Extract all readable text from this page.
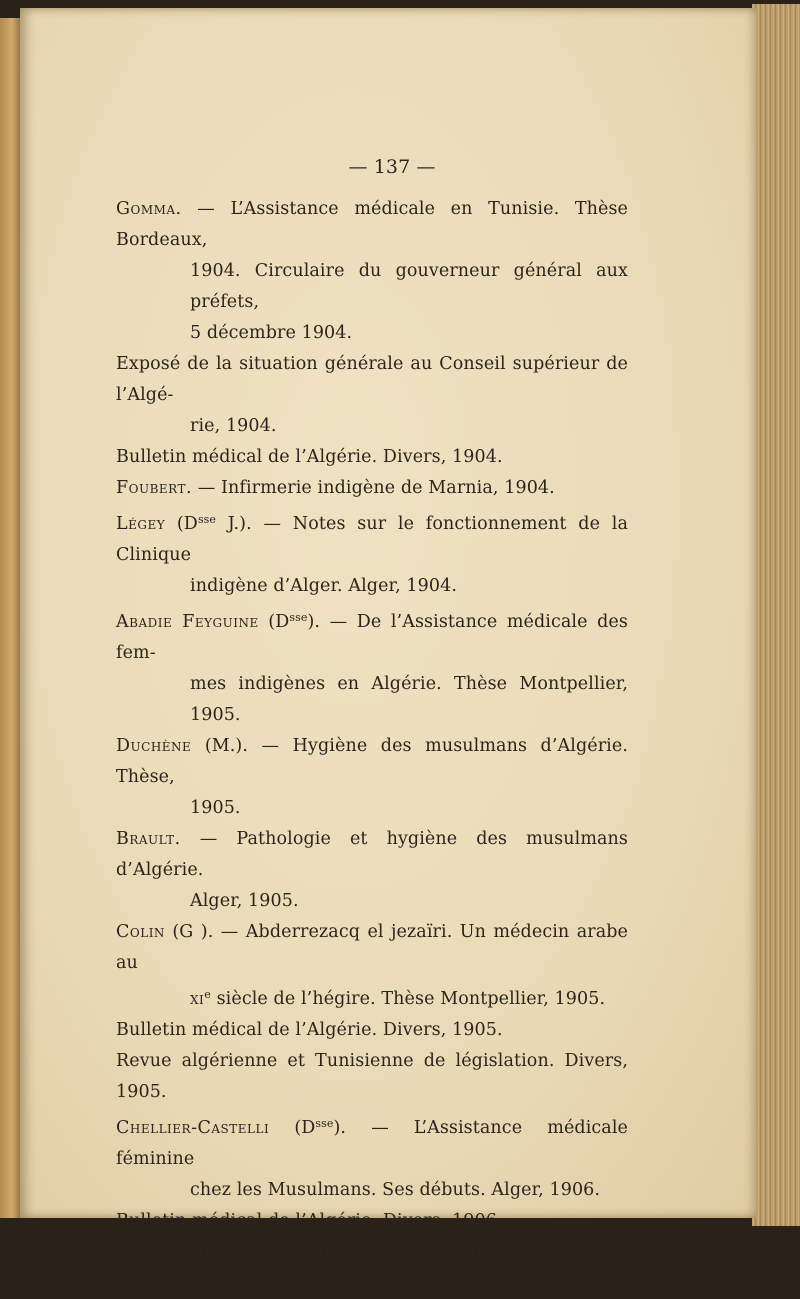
— 137 —
Gomma. — L’Assistance médicale en Tunisie. Thèse Bordeaux,
1904. Circulaire du gouverneur général aux préfets,
5 décembre 1904.
Exposé de la situation générale au Conseil supérieur de l’Algé-
rie, 1904.
Bulletin médical de l’Algérie. Divers, 1904.
Foubert. — Infirmerie indigène de Marnia, 1904.
Légey ($D^{sse}$ J.). — Notes sur le fonctionnement de la Clinique
indigène d’Alger. Alger, 1904.
Abadie Feyguine $(D^{sse})$. — De l’Assistance médicale des fem-
mes indigènes en Algérie. Thèse Montpellier, 1905.
Duchène (M.). — Hygiène des musulmans d’Algérie. Thèse,
1905.
Brault. — Pathologie et hygiène des musulmans d’Algérie.
Alger, 1905.
Colin (G ). — Abderrezacq el jezaïri. Un médecin arabe au
$xi^e$ siècle de l’hégire. Thèse Montpellier, 1905.
Bulletin médical de l’Algérie. Divers, 1905.
Revue algérienne et Tunisienne de législation. Divers, 1905.
Chellier-Castelli $(D^{sse})$. — L’Assistance médicale féminine
chez les Musulmans. Ses débuts. Alger, 1906.
Bulletin médical de l’Algérie. Divers, 1906.
Revue algérienne et tunisienne de législation. Divers, 1906.
